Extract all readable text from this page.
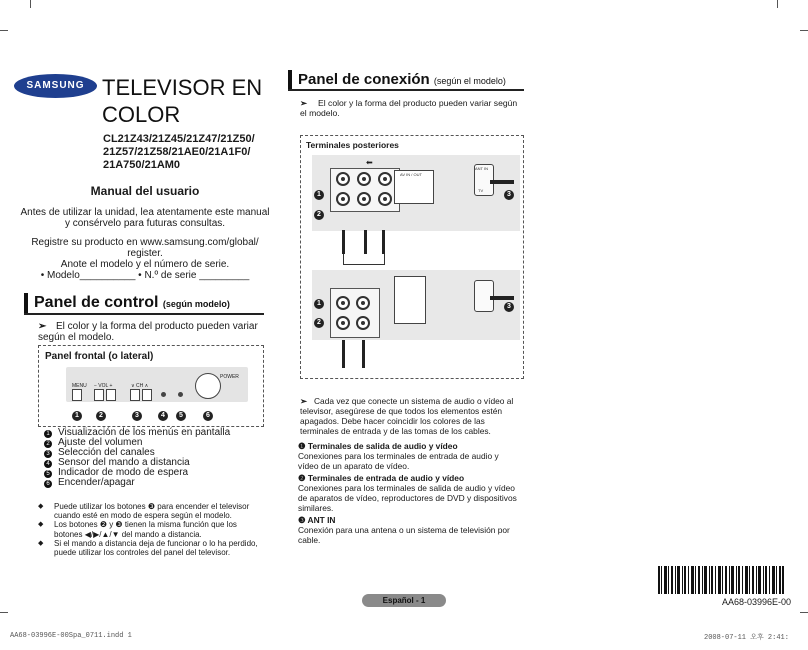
SAMSUNG TELEVISOR EN
COLOR
CL21Z43/21Z45/21Z47/21Z50/
21Z57/21Z58/21AE0/21A1F0/
21A750/21AM0
Manual del usuario
Antes de utilizar la unidad, lea atentamente este manual y consérvelo para futuras consultas.
Registre su producto en www.samsung.com/global/
register.
Anote el modelo y el número de serie.
• Modelo__________ • N.º de serie _________
Panel de control (según modelo)
➢ El color y la forma del producto pueden variar según el modelo.
Panel frontal (o lateral)
MENU − VOL +	∨ CH ∧
POWER
1	2	3	4	5	6
1 Visualización de los menús en pantalla
2 Ajuste del volumen
3 Selección del canales
4 Sensor del mando a distancia
5 Indicador de modo de espera
6 Encender/apagar
◆ Puede utilizar los botones ❸ para encender el televisor cuando esté en modo de espera según el modelo.
◆ Los botones ❷ y ❸ tienen la misma función que los botones ◀/▶/▲/▼ del mando a distancia.
◆ Si el mando a distancia deja de funcionar o lo ha perdido, puede utilizar los controles del panel del televisor.
Panel de conexión (según el modelo)
➢ El color y la forma del producto pueden variar según el modelo.
Terminales posteriores
⬅
AV IN / OUT
1
2
ANT IN
TV
3
1
2
3
➢ Cada vez que conecte un sistema de audio o vídeo al televisor, asegúrese de que todos los elementos estén apagados. Debe hacer coincidir los colores de las terminales de entrada y de las tomas de los cables.
❶ Terminales de salida de audio y vídeo
Conexiones para los terminales de entrada de audio y vídeo de un aparato de vídeo.
❷ Terminales de entrada de audio y vídeo
Conexiones para los terminales de salida de audio y vídeo de aparatos de vídeo, reproductores de DVD y dispositivos similares.
❸ ANT IN
Conexión para una antena o un sistema de televisión por cable.
Español - 1	AA68-03996E-00
AA68-03996E-00Spa_0711.indd 1	2008-07-11 오후 2:41:
